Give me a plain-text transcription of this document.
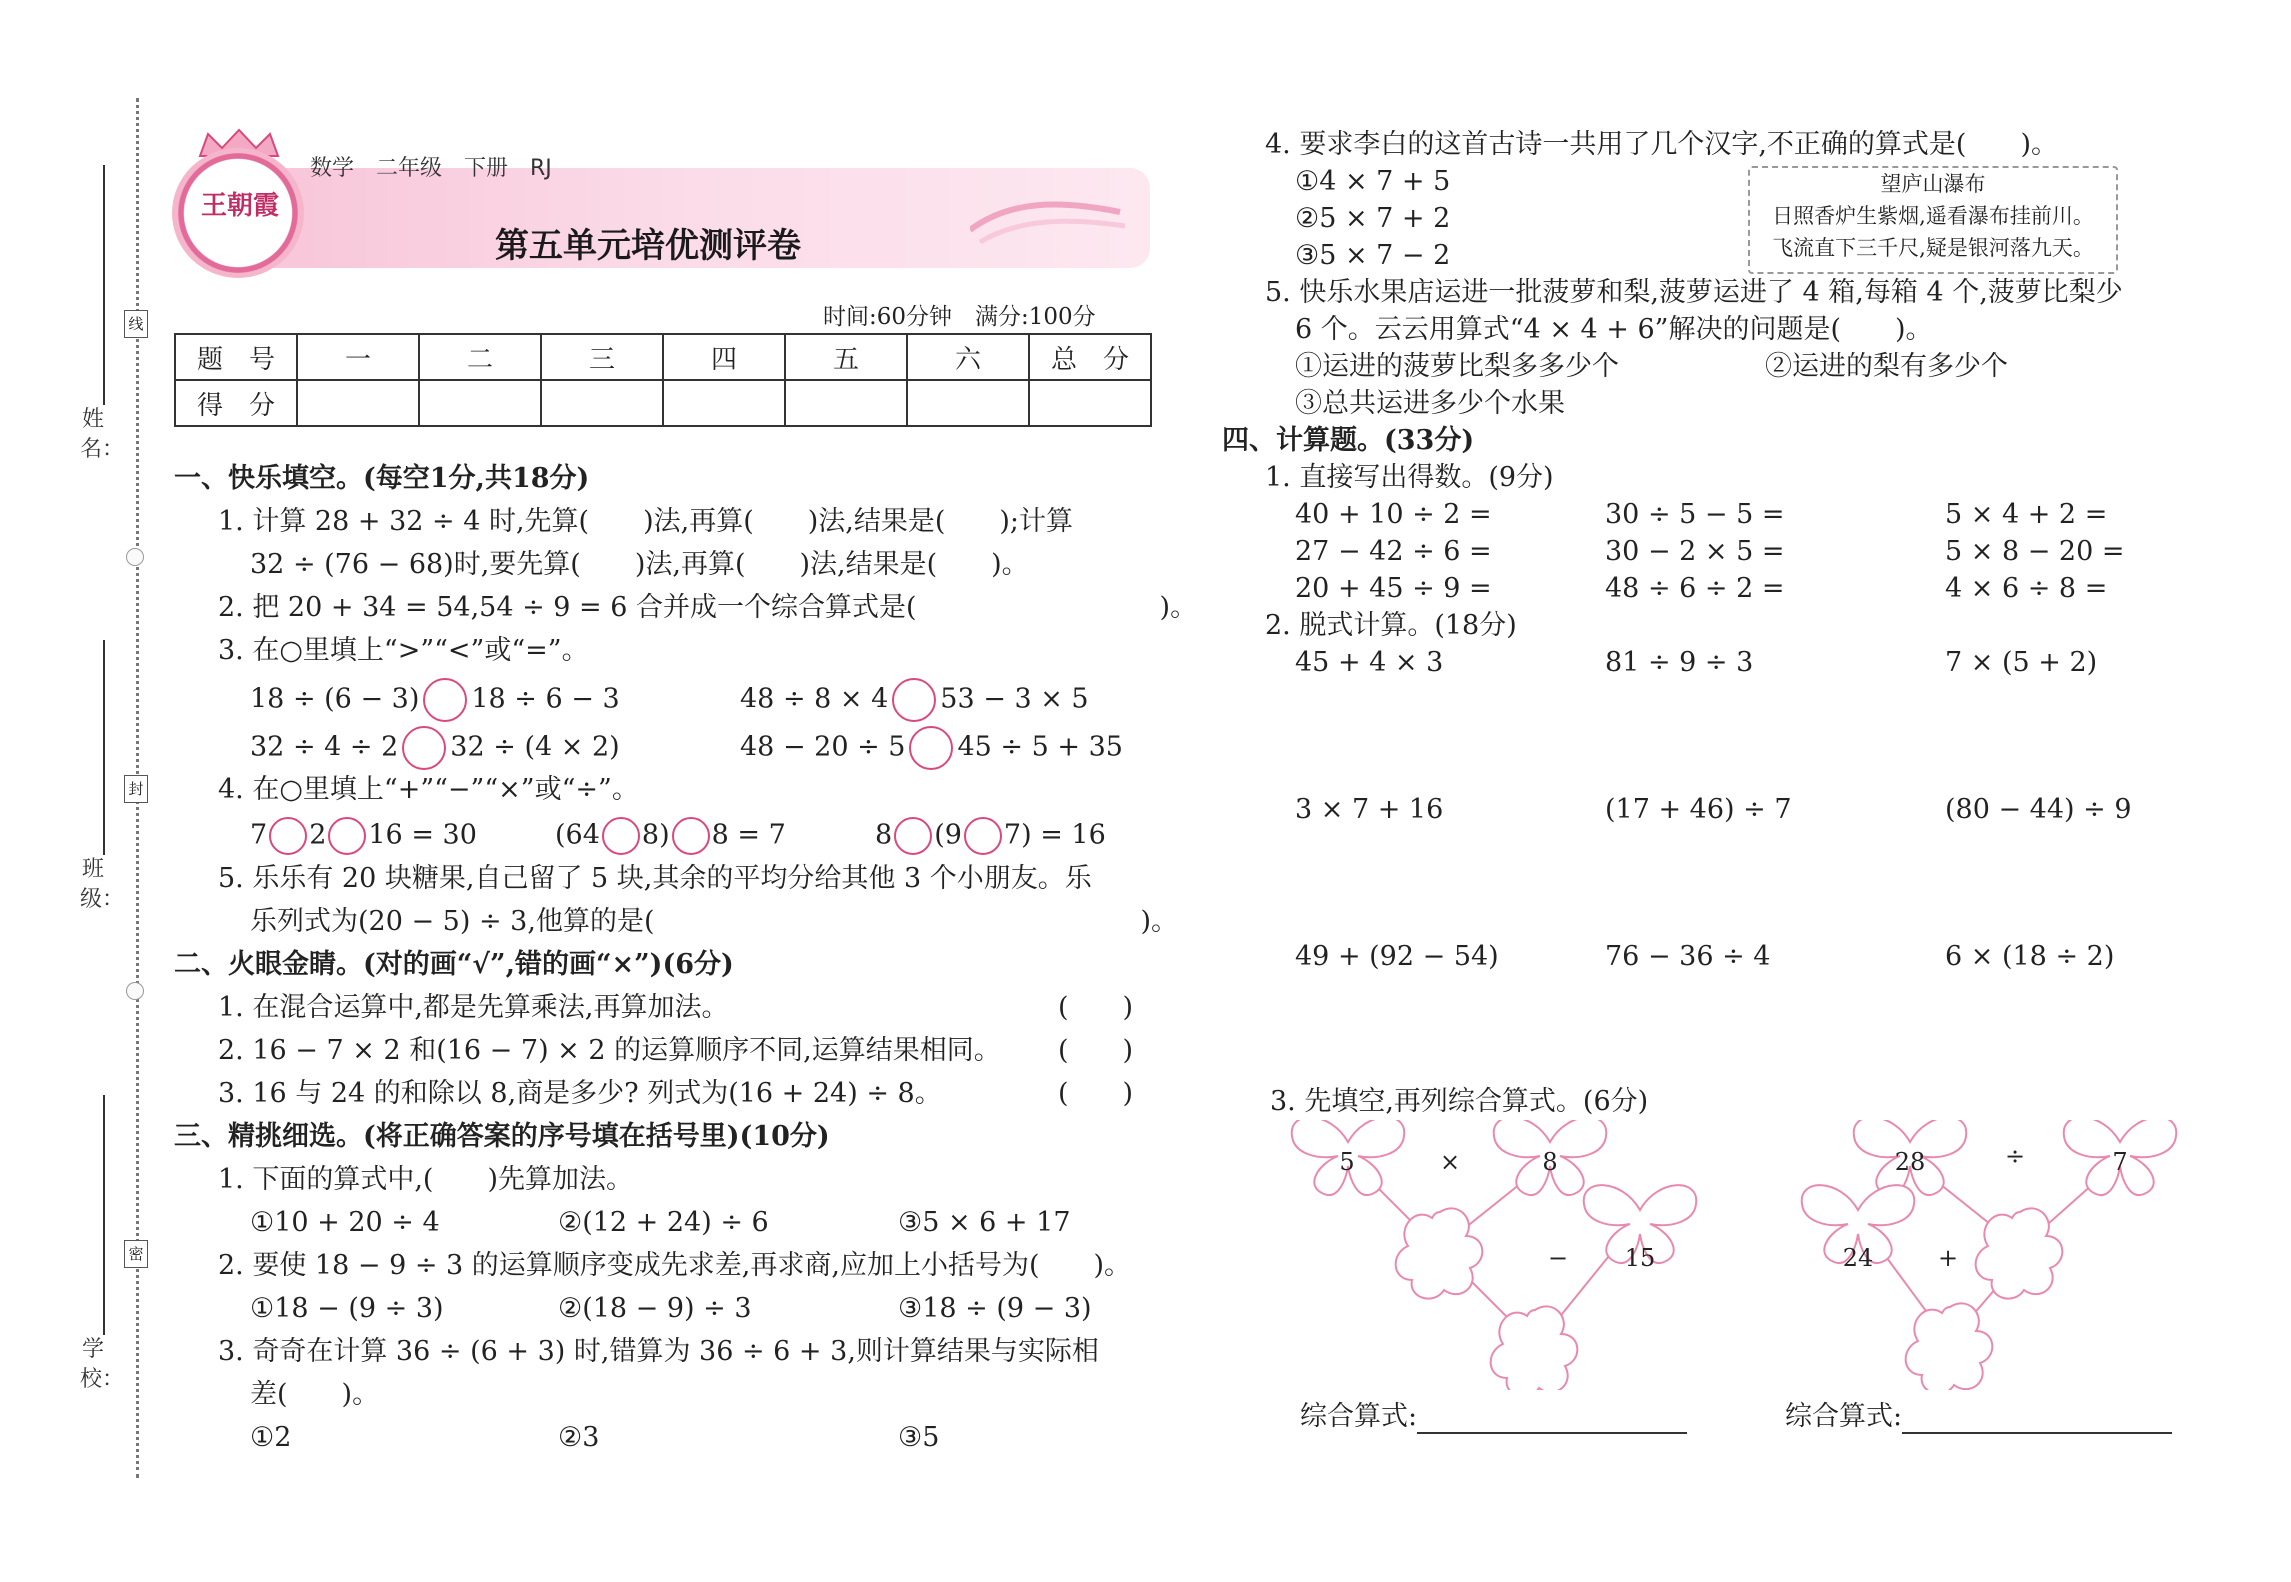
姓　名：
班　级：
学　校：
线
封
密
王朝霞
数学　二年级　下册　RJ
第五单元培优测评卷
时间:60分钟　满分:100分
题　号	一	二	三	四	五	六	总　分
得　分							
一、快乐填空。(每空1分,共18分)
1. 计算 28 + 32 ÷ 4 时,先算(　　)法,再算(　　)法,结果是(　　);计算
32 ÷ (76 − 68)时,要先算(　　)法,再算(　　)法,结果是(　　)。
2. 把 20 + 34 = 54,54 ÷ 9 = 6 合并成一个综合算式是(　　　　　　　　　)。
3. 在○里填上“>”“<”或“=”。
18 ÷ (6 − 3) 18 ÷ 6 − 3	48 ÷ 8 × 4 53 − 3 × 5
32 ÷ 4 ÷ 2 32 ÷ (4 × 2)	48 − 20 ÷ 5 45 ÷ 5 + 35
4. 在○里填上“+”“−”“×”或“÷”。
7 2 16 = 30	(64 8) 8 = 7	8 (9 7) = 16
5. 乐乐有 20 块糖果,自己留了 5 块,其余的平均分给其他 3 个小朋友。乐
乐列式为(20 − 5) ÷ 3,他算的是(　　　　　　　　　　　　　　　　　　)。
二、火眼金睛。(对的画“√”,错的画“×”)(6分)
1. 在混合运算中,都是先算乘法,再算加法。	(　　)
2. 16 − 7 × 2 和(16 − 7) × 2 的运算顺序不同,运算结果相同。 (　　)
3. 16 与 24 的和除以 8,商是多少? 列式为(16 + 24) ÷ 8。	(　　)
三、精挑细选。(将正确答案的序号填在括号里)(10分)
1. 下面的算式中,(　　)先算加法。
①10 + 20 ÷ 4	②(12 + 24) ÷ 6	③5 × 6 + 17
2. 要使 18 − 9 ÷ 3 的运算顺序变成先求差,再求商,应加上小括号为(　　)。
①18 − (9 ÷ 3)	②(18 − 9) ÷ 3	③18 ÷ (9 − 3)
3. 奇奇在计算 36 ÷ (6 + 3) 时,错算为 36 ÷ 6 + 3,则计算结果与实际相
差(　　)。
①2	②3	③5
4. 要求李白的这首古诗一共用了几个汉字,不正确的算式是(　　)。
①4 × 7 + 5
②5 × 7 + 2
③5 × 7 − 2
望庐山瀑布
日照香炉生紫烟,遥看瀑布挂前川。
飞流直下三千尺,疑是银河落九天。
5. 快乐水果店运进一批菠萝和梨,菠萝运进了 4 箱,每箱 4 个,菠萝比梨少
6 个。云云用算式“4 × 4 + 6”解决的问题是(　　)。
①运进的菠萝比梨多多少个	②运进的梨有多少个
③总共运进多少个水果
四、计算题。(33分)
1. 直接写出得数。(9分)
40 + 10 ÷ 2 =	30 ÷ 5 − 5 =	5 × 4 + 2 =
27 − 42 ÷ 6 =	30 − 2 × 5 =	5 × 8 − 20 =
20 + 45 ÷ 9 =	48 ÷ 6 ÷ 2 =	4 × 6 ÷ 8 =
2. 脱式计算。(18分)
45 + 4 × 3	81 ÷ 9 ÷ 3	7 × (5 + 2)
3 × 7 + 16	(17 + 46) ÷ 7	(80 − 44) ÷ 9
49 + (92 − 54)	76 − 36 ÷ 4	6 × (18 ÷ 2)
3. 先填空,再列综合算式。(6分)
5	×	8
− 15
28	÷	7
24	+
综合算式:	综合算式:
